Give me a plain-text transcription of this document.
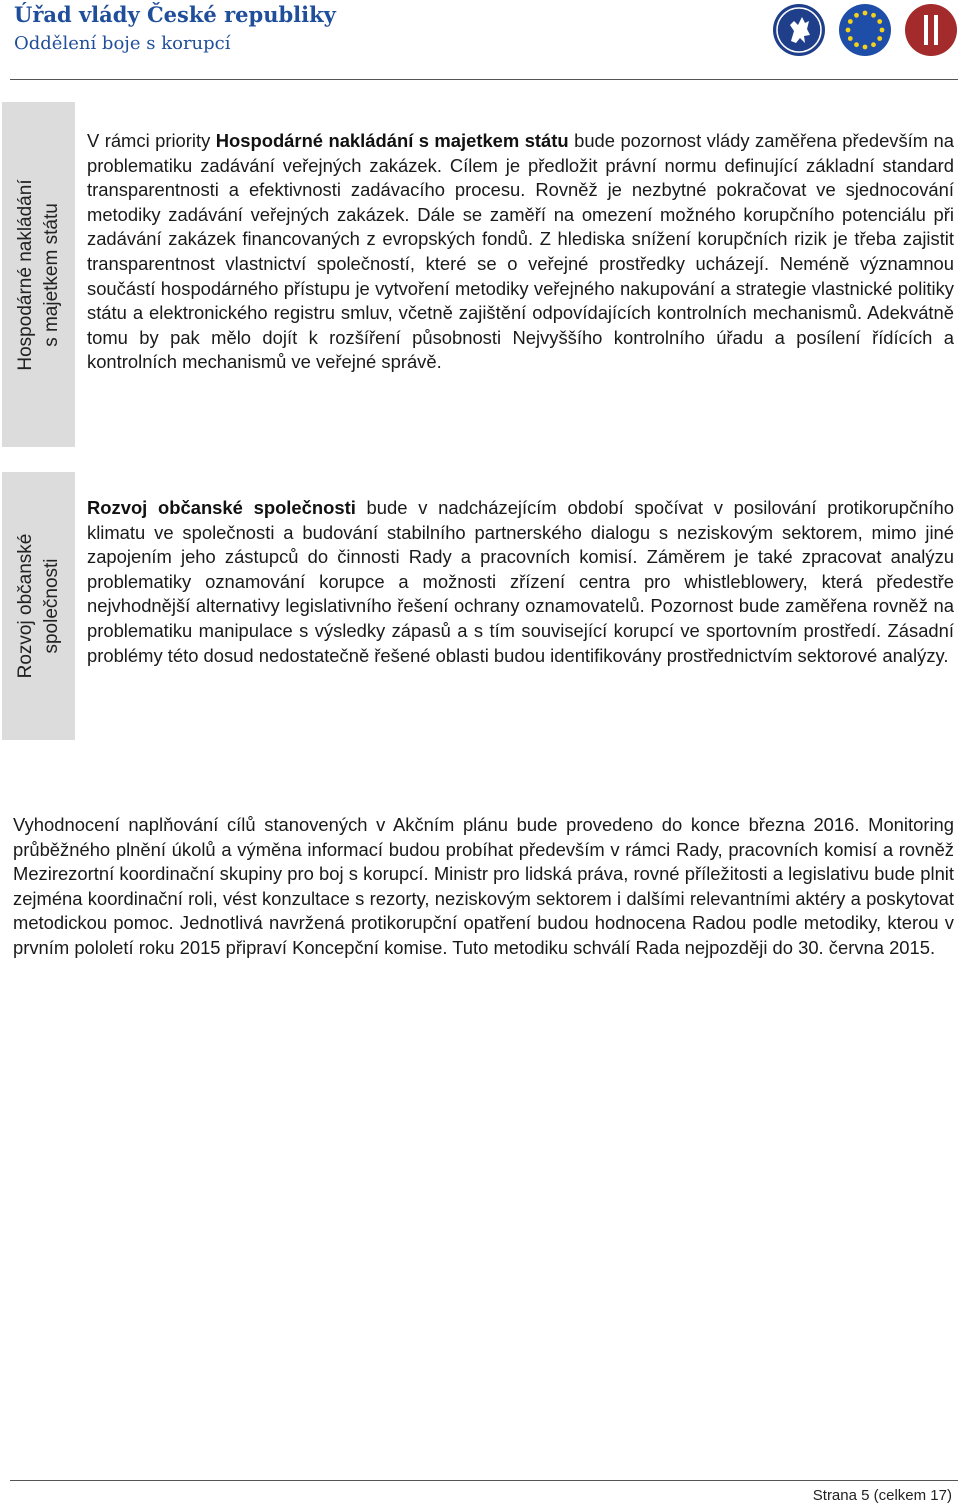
Úřad vlády České republiky
Oddělení boje s korupcí
Hospodárné nakládání s majetkem státu
V rámci priority Hospodárné nakládání s majetkem státu bude pozornost vlády zaměřena především na problematiku zadávání veřejných zakázek. Cílem je předložit právní normu definující základní standard transparentnosti a efektivnosti zadávacího procesu. Rovněž je nezbytné pokračovat ve sjednocování metodiky zadávání veřejných zakázek. Dále se zaměří na omezení možného korupčního potenciálu při zadávání zakázek financovaných z evropských fondů. Z hlediska snížení korupčních rizik je třeba zajistit transparentnost vlastnictví společností, které se o veřejné prostředky ucházejí. Neméně významnou součástí hospodárného přístupu je vytvoření metodiky veřejného nakupování a strategie vlastnické politiky státu a elektronického registru smluv, včetně zajištění odpovídajících kontrolních mechanismů. Adekvátně tomu by pak mělo dojít k rozšíření působnosti Nejvyššího kontrolního úřadu a posílení řídících a kontrolních mechanismů ve veřejné správě.
Rozvoj občanské společnosti
Rozvoj občanské společnosti bude v nadcházejícím období spočívat v posilování protikorupčního klimatu ve společnosti a budování stabilního partnerského dialogu s neziskovým sektorem, mimo jiné zapojením jeho zástupců do činnosti Rady a pracovních komisí. Záměrem je také zpracovat analýzu problematiky oznamování korupce a možnosti zřízení centra pro whistleblowery, která předestře nejvhodnější alternativy legislativního řešení ochrany oznamovatelů. Pozornost bude zaměřena rovněž na problematiku manipulace s výsledky zápasů a s tím související korupcí ve sportovním prostředí. Zásadní problémy této dosud nedostatečně řešené oblasti budou identifikovány prostřednictvím sektorové analýzy.
Vyhodnocení naplňování cílů stanovených v Akčním plánu bude provedeno do konce března 2016. Monitoring průběžného plnění úkolů a výměna informací budou probíhat především v rámci Rady, pracovních komisí a rovněž Mezirezortní koordinační skupiny pro boj s korupcí. Ministr pro lidská práva, rovné příležitosti a legislativu bude plnit zejména koordinační roli, vést konzultace s rezorty, neziskovým sektorem i dalšími relevantními aktéry a poskytovat metodickou pomoc. Jednotlivá navržená protikorupční opatření budou hodnocena Radou podle metodiky, kterou v prvním pololetí roku 2015 připraví Koncepční komise. Tuto metodiku schválí Rada nejpozději do 30. června 2015.
Strana 5 (celkem 17)
